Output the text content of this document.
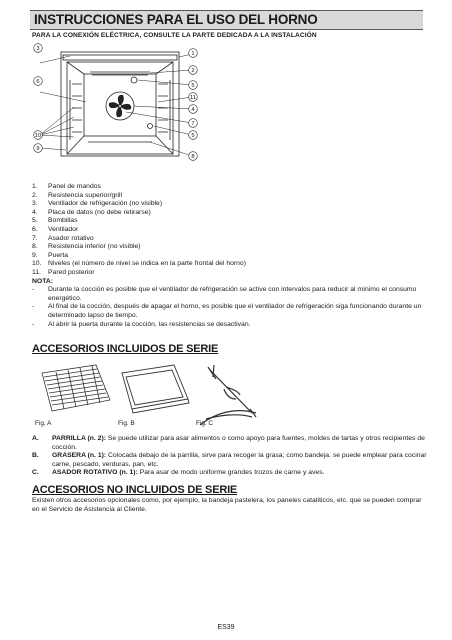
INSTRUCCIONES PARA EL USO DEL HORNO
PARA LA CONEXIÓN ELÉCTRICA, CONSULTE LA PARTE DEDICADA A LA INSTALACIÓN
3
6
10
9
1
2
5
11
4
7
5
8
1.	Panel de mandos
2.	Resistencia superior/grill
3.	Ventilador de refrigeración (no visible)
4.	Placa de datos (no debe retirarse)
5.	Bombillas
6.	Ventilador
7.	Asador rotativo
8.	Resistencia inferior (no visible)
9.	Puerta
10. Niveles (el número de nivel se indica en la parte frontal del horno)
11.	Pared posterior
NOTA:
-	Durante la cocción es posible que el ventilador de refrigeración se active con intervalos para reducir al mínimo el consumo energético.
-	Al final de la cocción, después de apagar el horno, es posible que el ventilador de refrigeración siga funcionando durante un determinado lapso de tiempo.
-	Al abrir la puerta durante la cocción, las resistencias se desactivan.
ACCESORIOS INCLUIDOS DE SERIE
Fig. A	Fig. B	Fig. C
A.	PARRILLA (n. 2): Se puede utilizar para asar alimentos o como apoyo para fuentes, moldes de tartas y otros recipientes de cocción.
B.	GRASERA (n. 1): Colocada debajo de la parrilla, sirve para recoger la grasa; como bandeja, se puede emplear para cocinar carne, pescado, verduras, pan, etc.
C.	ASADOR ROTATIVO (n. 1): Para asar de modo uniforme grandes trozos de carne y aves.
ACCESORIOS NO INCLUIDOS DE SERIE
Existen otros accesorios opcionales como, por ejemplo, la bandeja pastelera, los paneles catalíticos, etc. que se pueden comprar en el Servicio de Asistencia al Cliente.
ES39
